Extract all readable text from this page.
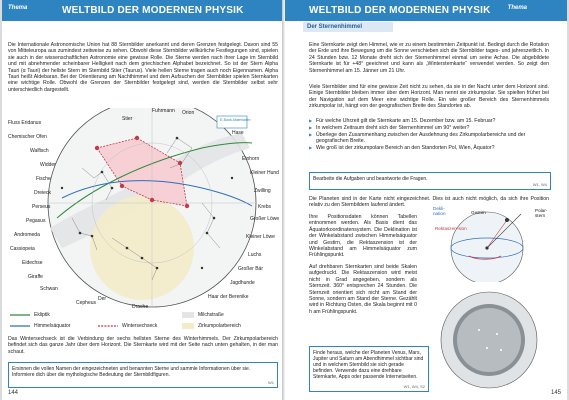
Thema	WELTBILD DER MODERNEN PHYSIK
Die Internationale Astronomische Union hat 88 Sternbilder anerkannt und deren Grenzen festgelegt. Davon sind 55 von Mitteleuropa aus zumindest zeitweise zu sehen. Obwohl diese Sternbilder willkürliche Festlegungen sind, spielen sie auch in der wissenschaftlichen Astronomie eine gewisse Rolle. Die Sterne werden nach ihrer Lage im Sternbild und mit abnehmender scheinbarer Helligkeit nach dem griechischen Alphabet bezeichnet. So ist der Stern Alpha Tauri (α Tauri) der hellste Stern im Sternbild Stier (Taurus). Viele hellen Sterne tragen auch noch Eigennamen. Alpha Tauri heißt Aldebaran. Bei der Orientierung am Nachthimmel und dem Aufsuchen der Sternbilder spielen Sternkarten eine wichtige Rolle. Obwohl die Grenzen der Sternbilder festgelegt sind, werden die Sternbilder selbst sehr unterschiedlich dargestellt.
E-Book-Materialien
Fluss Eridanus
Chemischer Ofen
Walfisch
Widder
Fische
Dreieck
Perseus
Pegasus
Andromeda
Cassiopeia
Eidechse
Giraffe
Schwan
Hase
Einhorn
Kleiner Hund
Zwilling
Krebs
Großer Löwe
Kleiner Löwe
Luchs
Großer Bär
Jagdhunde
Haar der Berenike
Stier
Fuhrmann Orion
Cepheus
Drache
Der
Ekliptik
Himmelsäquator	Wintersechseck
Milchstraße
Zirkumpolarbereich
Das Wintersechseck ist die Verbindung der sechs hellsten Sterne des Winterhimmels. Der Zirkumpolarbereich befindet sich das ganze Jahr über dem Horizont. Die Sternkarte wird mit der Seite nach unten gehalten, in der man schaut.
Ersinnen die vollen Namen der eingezeichneten und benannten Sterne und sammle Informationen über sie. Informiere dich über die mythologische Bedeutung der Sternbildfiguren.
W1
144
WELTBILD DER MODERNEN PHYSIK	Thema
Der Sternenhimmel
Eine Sternkarte zeigt den Himmel, wie er zu einem bestimmten Zeitpunkt ist. Bedingt durch die Rotation der Erde und ihre Bewegung um die Sonne verschieben sich die Sternbilder tages- und jahreszeitlich. In 24 Stunden bzw. 12 Monate dreht sich der Sternenhimmel einmal um seine Achse. Die abgebildete Sternkarte ist für +48° geeichnet und kann als „Winterstemkarte“ verwendet werden. So zeigt den Sternenhimmel am 15. Jänner um 21 Uhr.
Viele Sternbilder sind für eine gewisse Zeit nicht zu sehen, da sie in der Nacht unter dem Horizont sind. Einige Sternbilder bleiben immer über dem Horizont. Man nennt sie zirkumpolar. Sie spielten früher bei der Navigation auf dem Meer eine wichtige Rolle. Ein wie großer Bereich des Sternenhimmels zirkumpolar ist, hängt von der geografischen Breite des Standortes ab.
▶ Für welche Uhrzeit gilt die Sternkarte am 15. Dezember bzw. am 15. Februar?
▶ In welchem Zeitraum dreht sich der Sternenhimmel um 90° weiter?
▶ Überlege den Zusammenhang zwischen der Ausdehnung des Zirkumpolarbereichs und der geografischen Breite.
▶ Wie groß ist der zirkumpolare Bereich an den Standorten Pol, Wien, Äquator?
Bearbeite die Aufgaben und beantworte die Fragen.
W1, W4
Die Planeten sind in der Karte nicht eingezeichnet. Dies ist auch nicht möglich, da sich ihre Position relativ zu den Sternbildern laufend ändert.
Ihre Positionsdaten können Tabellen entnommen werden. Als Basis dient das Äquatorkoordinatensystem. Die Deklination ist der Winkelabstand zwischen Himmelsäquator und Gestirn, die Rektaszension ist der Winkelabstand am Himmelsäquator zum Frühlingspunkt.
Auf drehbaren Sternkarten sind beide Skalen aufgedruckt. Die Rektaszension wird meist nicht in Grad angegeben, sondern als Sternzeit. 360° entsprechen 24 Stunden. Die Sternzeit orientiert sich nicht am Stand der Sonne, sondern am Stand der Sterne. Gezählt wird in Richtung Osten, die Skala beginnt mit 0 h am Frühlingspunkt.
Dekli-nation	Gestirn	Polar-stern
Rektaszen-sion
Finde heraus, welche der Planeten Venus, Mars, Jupiter und Saturn am Abendhimmel sichtbar sind und in welchem Sternbild sie sich gerade befinden. Verwende dazu eine drehbare Sternkarte, Apps oder passende Internetseiten.
W1, W4, S2
145
